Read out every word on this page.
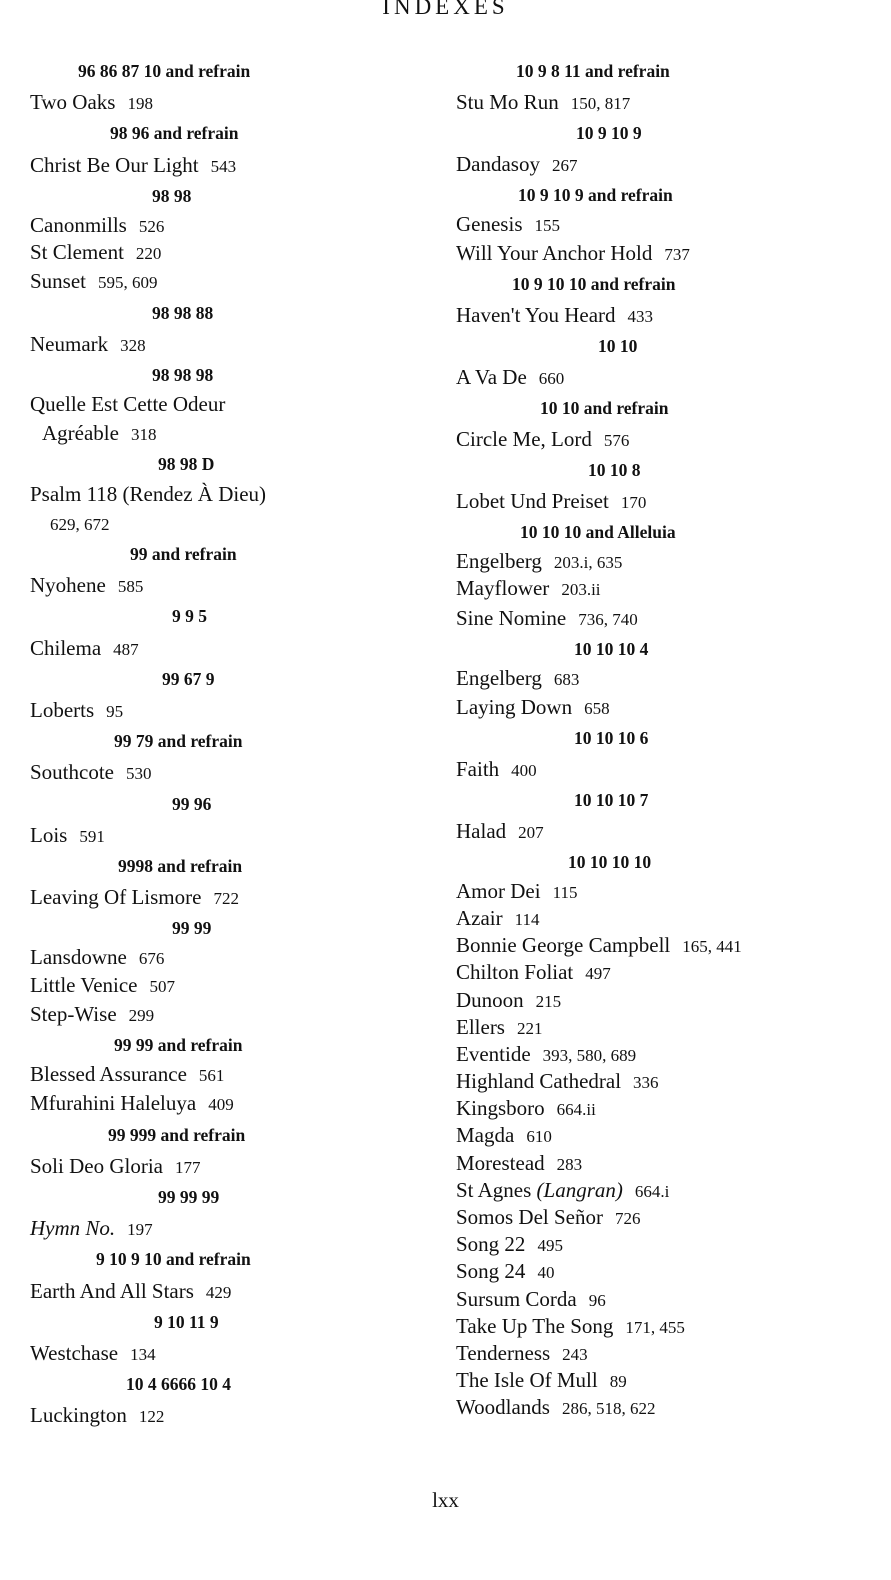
INDEXES
96 86 87 10 and refrain
Two Oaks 198
98 96 and refrain
Christ Be Our Light 543
98 98
Canonmills 526
St Clement 220
Sunset 595, 609
98 98 88
Neumark 328
98 98 98
Quelle Est Cette Odeur
Agréable 318
98 98 D
Psalm 118 (Rendez À Dieu)
629, 672
99 and refrain
Nyohene 585
9 9 5
Chilema 487
99 67 9
Loberts 95
99 79 and refrain
Southcote 530
99 96
Lois 591
9998 and refrain
Leaving Of Lismore 722
99 99
Lansdowne 676
Little Venice 507
Step-Wise 299
99 99 and refrain
Blessed Assurance 561
Mfurahini Haleluya 409
99 999 and refrain
Soli Deo Gloria 177
99 99 99
Hymn No. 197
9 10 9 10 and refrain
Earth And All Stars 429
9 10 11 9
Westchase 134
10 4 6666 10 4
Luckington 122
10 9 8 11 and refrain
Stu Mo Run 150, 817
10 9 10 9
Dandasoy 267
10 9 10 9 and refrain
Genesis 155
Will Your Anchor Hold 737
10 9 10 10 and refrain
Haven't You Heard 433
10 10
A Va De 660
10 10 and refrain
Circle Me, Lord 576
10 10 8
Lobet Und Preiset 170
10 10 10 and Alleluia
Engelberg 203.i, 635
Mayflower 203.ii
Sine Nomine 736, 740
10 10 10 4
Engelberg 683
Laying Down 658
10 10 10 6
Faith 400
10 10 10 7
Halad 207
10 10 10 10
Amor Dei 115
Azair 114
Bonnie George Campbell 165, 441
Chilton Foliat 497
Dunoon 215
Ellers 221
Eventide 393, 580, 689
Highland Cathedral 336
Kingsboro 664.ii
Magda 610
Morestead 283
St Agnes (Langran) 664.i
Somos Del Señor 726
Song 22 495
Song 24 40
Sursum Corda 96
Take Up The Song 171, 455
Tenderness 243
The Isle Of Mull 89
Woodlands 286, 518, 622
lxx
